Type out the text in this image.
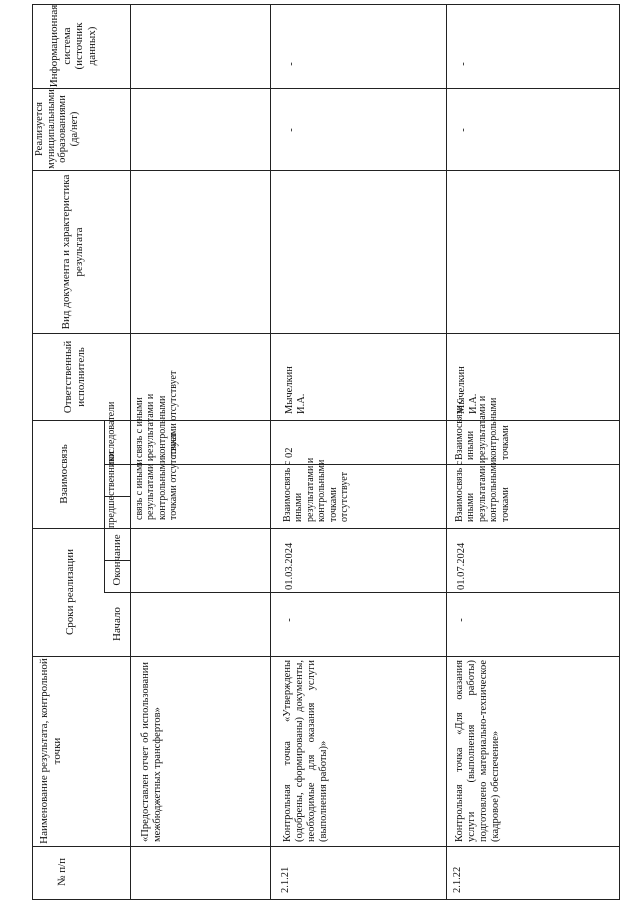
№ п/п
Наименование результата, контрольной точки
Сроки реализации	Начало
Окончание
Взаимосвязь	предшественники
последователи
Ответственный исполнитель
Вид документа и характеристика результата
Реализуется муниципальными образованиями (да/нет)
Информационная система (источник данных)
«Предоставлен отчет об использовании межбюджетных трансфертов»
связь с иными результатами и контрольными точками отсутствует
связь с иными результатами и контрольными точками отсутствует
2.1.21
Контрольная точка «Утверждены (одобрены, сформированы) документы, необходимые для оказания услуги (выполнения работы)»
-
01.03.2024
Взаимосвязь с иными результатами и контрольными точками отсутствует
02
Мычелкин И.А.
-
-
2.1.22
Контрольная точка «Для оказания услуги (выполнения работы) подготовлено материально-техническое (кадровое) обеспечение»
-
01.07.2024
Взаимосвязь с иными результатами и контрольными точками
Взаимосвязь с иными результатами и контрольными точками
Мычелкин И.А.
-
-
